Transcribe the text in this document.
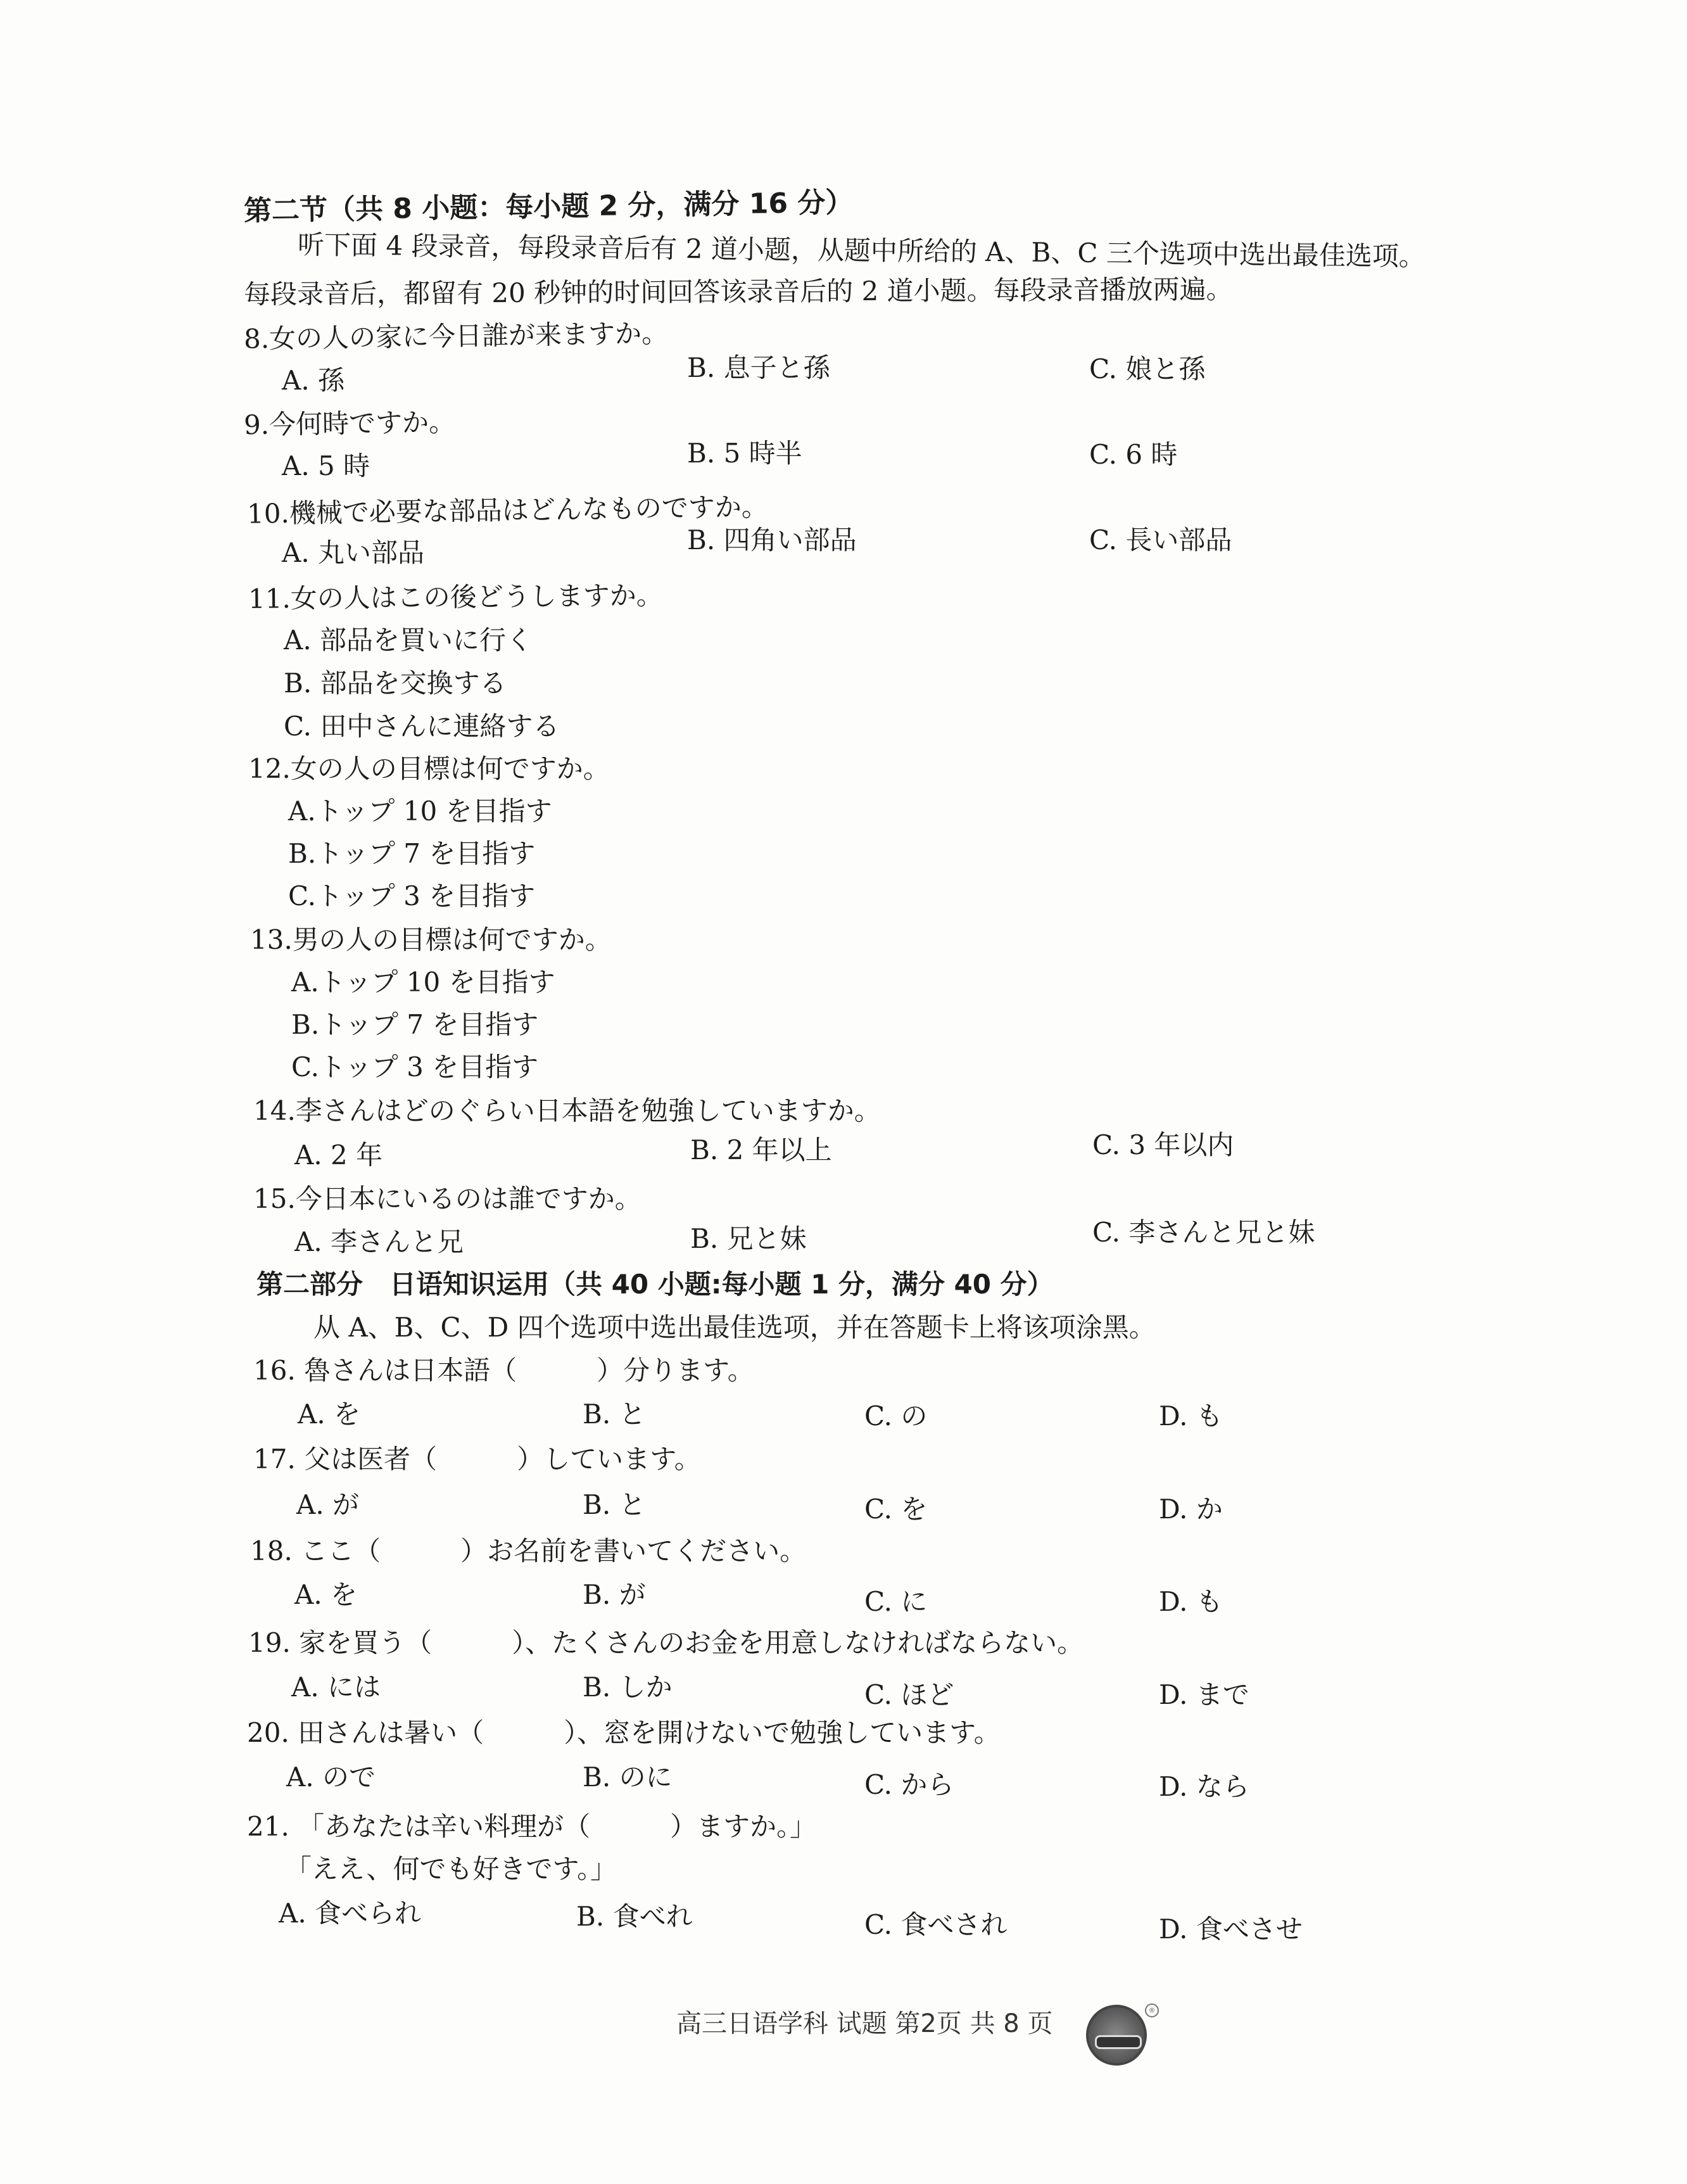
第二节（共 8 小题：每小题 2 分，满分 16 分）
听下面 4 段录音，每段录音后有 2 道小题，从题中所给的 A、B、C 三个选项中选出最佳选项。
每段录音后，都留有 20 秒钟的时间回答该录音后的 2 道小题。每段录音播放两遍。
8.女の人の家に今日誰が来ますか。
A. 孫	B. 息子と孫	C. 娘と孫
9.今何時ですか。
A. 5 時	B. 5 時半	C. 6 時
10.機械で必要な部品はどんなものですか。
A. 丸い部品	B. 四角い部品	C. 長い部品
11.女の人はこの後どうしますか。
A. 部品を買いに行く
B. 部品を交換する
C. 田中さんに連絡する
12.女の人の目標は何ですか。
A.トップ 10 を目指す
B.トップ 7 を目指す
C.トップ 3 を目指す
13.男の人の目標は何ですか。
A.トップ 10 を目指す
B.トップ 7 を目指す
C.トップ 3 を目指す
14.李さんはどのぐらい日本語を勉強していますか。
A. 2 年	B. 2 年以上	C. 3 年以内
15.今日本にいるのは誰ですか。
A. 李さんと兄	B. 兄と妹	C. 李さんと兄と妹
第二部分　日语知识运用（共 40 小题:每小题 1 分，满分 40 分）
从 A、B、C、D 四个选项中选出最佳选项，并在答题卡上将该项涂黑。
16. 魯さんは日本語（　　　）分ります。
A. を	B. と	C. の	D. も
17. 父は医者（　　　）しています。
A. が	B. と	C. を	D. か
18. ここ（　　　）お名前を書いてください。
A. を	B. が	C. に	D. も
19. 家を買う（　　　）、たくさんのお金を用意しなければならない。
A. には	B. しか	C. ほど	D. まで
20. 田さんは暑い（　　　）、窓を開けないで勉強しています。
A. ので	B. のに	C. から	D. なら
21. 「あなたは辛い料理が（　　　）ますか。」
「ええ、何でも好きです。」
A. 食べられ	B. 食べれ	C. 食べされ	D. 食べさせ
高三日语学科 试题 第2页 共 8 页	®
